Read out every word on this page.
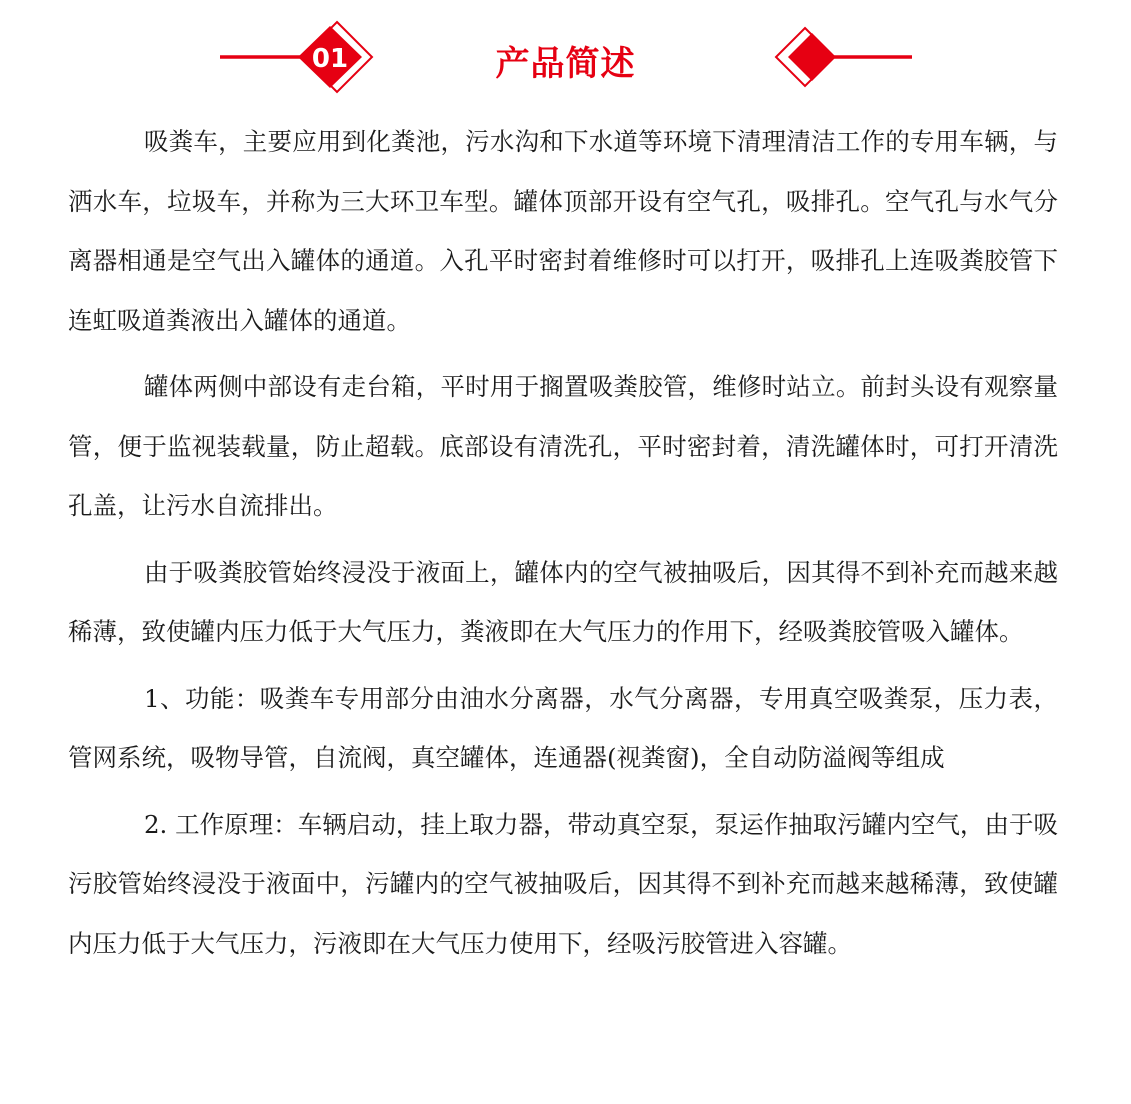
01	产品简述

吸粪车，主要应用到化粪池，污水沟和下水道等环境下清理清洁工作的专用车辆，与洒水车，垃圾车，并称为三大环卫车型。罐体顶部开设有空气孔，吸排孔。空气孔与水气分离器相通是空气出入罐体的通道。入孔平时密封着维修时可以打开，吸排孔上连吸粪胶管下连虹吸道粪液出入罐体的通道。

罐体两侧中部设有走台箱，平时用于搁置吸粪胶管，维修时站立。前封头设有观察量管，便于监视装载量，防止超载。底部设有清洗孔，平时密封着，清洗罐体时，可打开清洗孔盖，让污水自流排出。

由于吸粪胶管始终浸没于液面上，罐体内的空气被抽吸后，因其得不到补充而越来越稀薄，致使罐内压力低于大气压力，粪液即在大气压力的作用下，经吸粪胶管吸入罐体。

1、功能：吸粪车专用部分由油水分离器，水气分离器，专用真空吸粪泵，压力表，管网系统，吸物导管，自流阀，真空罐体，连通器(视粪窗)，全自动防溢阀等组成

2. 工作原理：车辆启动，挂上取力器，带动真空泵，泵运作抽取污罐内空气，由于吸污胶管始终浸没于液面中，污罐内的空气被抽吸后，因其得不到补充而越来越稀薄，致使罐内压力低于大气压力，污液即在大气压力使用下，经吸污胶管进入容罐。
